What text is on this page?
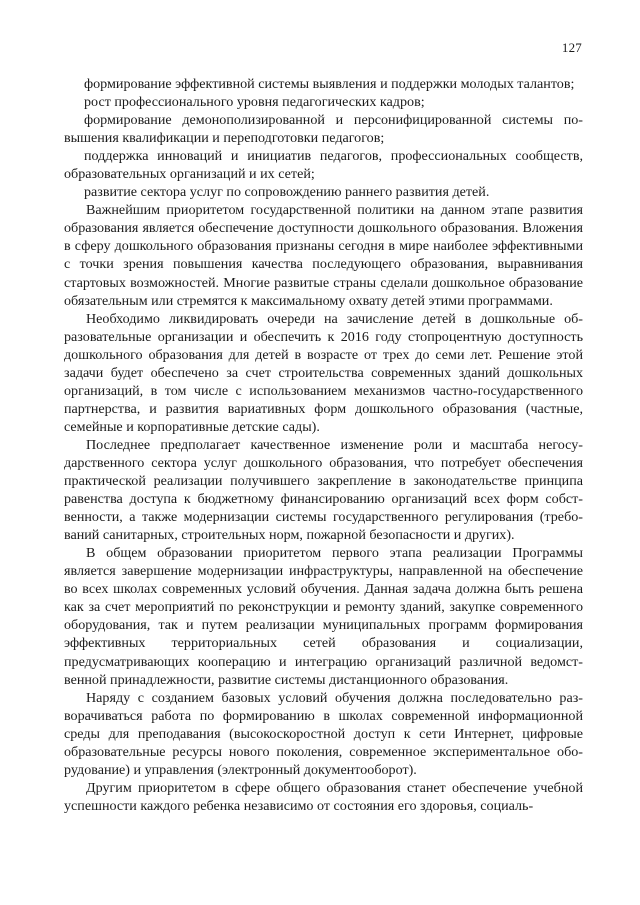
127

формирование эффективной системы выявления и поддержки молодых талантов;

рост профессионального уровня педагогических кадров;

формирование демонополизированной и персонифицированной системы повышения квалификации и переподготовки педагогов;

поддержка инноваций и инициатив педагогов, профессиональных сообществ, образовательных организаций и их сетей;

развитие сектора услуг по сопровождению раннего развития детей.

Важнейшим приоритетом государственной политики на данном этапе развития образования является обеспечение доступности дошкольного образования. Вложения в сферу дошкольного образования признаны сегодня в мире наиболее эффективными с точки зрения повышения качества последующего образования, выравнивания стартовых возможностей. Многие развитые страны сделали дошкольное образование обязательным или стремятся к максимальному охвату детей этими программами.

Необходимо ликвидировать очереди на зачисление детей в дошкольные образовательные организации и обеспечить к 2016 году стопроцентную доступность дошкольного образования для детей в возрасте от трех до семи лет. Решение этой задачи будет обеспечено за счет строительства современных зданий дошкольных организаций, в том числе с использованием механизмов частно-государственного партнерства, и развития вариативных форм дошкольного образования (частные, семейные и корпоративные детские сады).

Последнее предполагает качественное изменение роли и масштаба негосударственного сектора услуг дошкольного образования, что потребует обеспечения практической реализации получившего закрепление в законодательстве принципа равенства доступа к бюджетному финансированию организаций всех форм собственности, а также модернизации системы государственного регулирования (требований санитарных, строительных норм, пожарной безопасности и других).

В общем образовании приоритетом первого этапа реализации Программы является завершение модернизации инфраструктуры, направленной на обеспечение во всех школах современных условий обучения. Данная задача должна быть решена как за счет мероприятий по реконструкции и ремонту зданий, закупке современного оборудования, так и путем реализации муниципальных программ формирования эффективных территориальных сетей образования и социализации, предусматривающих кооперацию и интеграцию организаций различной ведомственной принадлежности, развитие системы дистанционного образования.

Наряду с созданием базовых условий обучения должна последовательно разворачиваться работа по формированию в школах современной информационной среды для преподавания (высокоскоростной доступ к сети Интернет, цифровые образовательные ресурсы нового поколения, современное экспериментальное оборудование) и управления (электронный документооборот).

Другим приоритетом в сфере общего образования станет обеспечение учебной успешности каждого ребенка независимо от состояния его здоровья, социаль-
